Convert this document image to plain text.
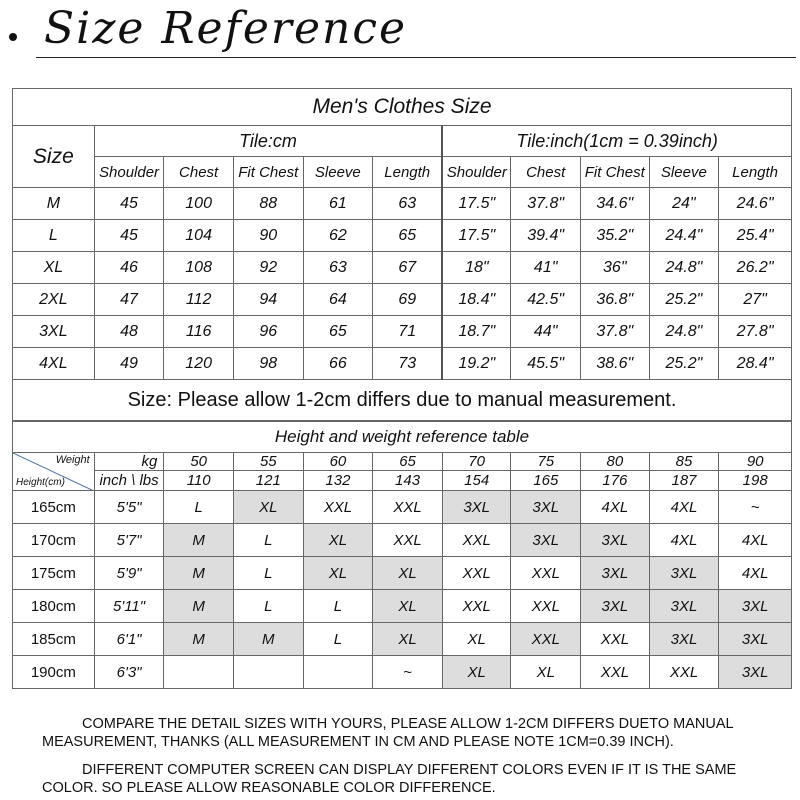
Size Reference
Men's Clothes Size										
Size	Tile:cm					Tile:inch(1cm = 0.39inch)				
	Shoulder	Chest	Fit Chest	Sleeve	Length	Shoulder	Chest	Fit Chest	Sleeve	Length
M	45	100	88	61	63	17.5"	37.8"	34.6"	24"	24.6"
L	45	104	90	62	65	17.5"	39.4"	35.2"	24.4"	25.4"
XL	46	108	92	63	67	18"	41"	36"	24.8"	26.2"
2XL	47	112	94	64	69	18.4"	42.5"	36.8"	25.2"	27"
3XL	48	116	96	65	71	18.7"	44"	37.8"	24.8"	27.8"
4XL	49	120	98	66	73	19.2"	45.5"	38.6"	25.2"	28.4"
Size: Please allow 1-2cm differs due to manual measurement.										
Height and weight reference table										

Weight
Height(cm)	kg	50	55	60	65	70	75	80	85	90
	inch \ lbs	110	121	132	143	154	165	176	187	198
165cm	5'5"	L	XL	XXL	XXL	3XL	3XL	4XL	4XL	~
170cm	5'7"	M	L	XL	XXL	XXL	3XL	3XL	4XL	4XL
175cm	5'9"	M	L	XL	XL	XXL	XXL	3XL	3XL	4XL
180cm	5'11"	M	L	L	XL	XXL	XXL	3XL	3XL	3XL
185cm	6'1"	M	M	L	XL	XL	XXL	XXL	3XL	3XL
190cm	6'3"				~	XL	XL	XXL	XXL	3XL
COMPARE THE DETAIL SIZES WITH YOURS, PLEASE ALLOW 1-2CM DIFFERS DUETO MANUAL MEASUREMENT, THANKS (ALL MEASUREMENT IN CM AND PLEASE NOTE 1CM=0.39 INCH).
DIFFERENT COMPUTER SCREEN CAN DISPLAY DIFFERENT COLORS EVEN IF IT IS THE SAME COLOR. SO PLEASE ALLOW REASONABLE COLOR DIFFERENCE.
